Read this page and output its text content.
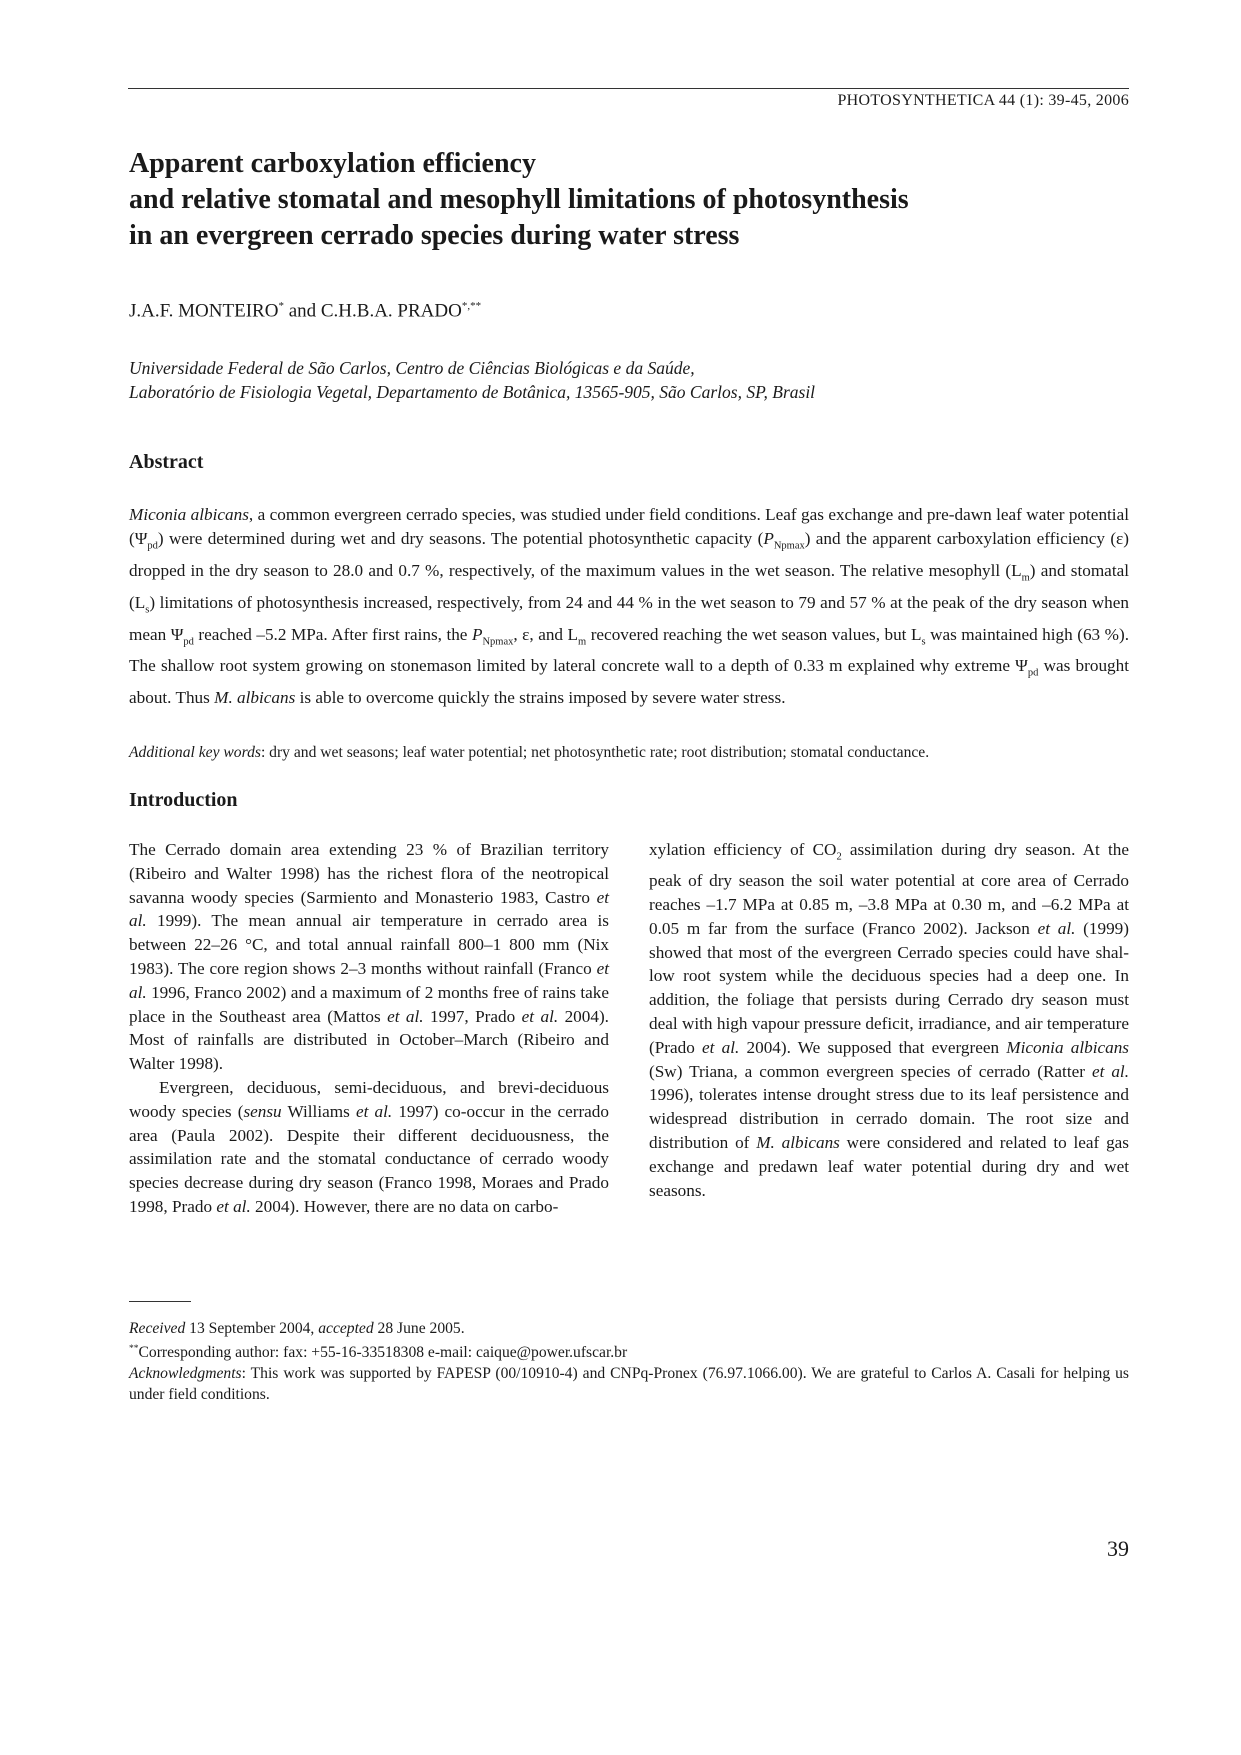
PHOTOSYNTHETICA 44 (1): 39-45, 2006
Apparent carboxylation efficiency
and relative stomatal and mesophyll limitations of photosynthesis
in an evergreen cerrado species during water stress
J.A.F. MONTEIRO* and C.H.B.A. PRADO*,**
Universidade Federal de São Carlos, Centro de Ciências Biológicas e da Saúde,
Laboratório de Fisiologia Vegetal, Departamento de Botânica, 13565-905, São Carlos, SP, Brasil
Abstract

Miconia albicans, a common evergreen cerrado species, was studied under field conditions. Leaf gas exchange and pre-dawn leaf water potential $(\Psi_{pd})$ were determined during wet and dry seasons. The potential photosynthetic capacity $(P_{Npmax})$ and the apparent carboxylation efficiency (ε) dropped in the dry season to 28.0 and 0.7 %, respectively, of the maximum values in the wet season. The relative mesophyll $(L_m)$ and stomatal $(L_s)$ limitations of photosynthesis increased, respectively, from 24 and 44 % in the wet season to 79 and 57 % at the peak of the dry season when mean $\Psi_{pd}$ reached –5.2 MPa. After first rains, the $P_{Npmax}$, ε, and $L_m$ recovered reaching the wet season values, but $L_s$ was maintained high (63 %). The shallow root system growing on stonemason limited by lateral concrete wall to a depth of 0.33 m explained why extreme $\Psi_{pd}$ was brought about. Thus M. albicans is able to overcome quickly the strains imposed by severe water stress.

Additional key words: dry and wet seasons; leaf water potential; net photosynthetic rate; root distribution; stomatal conductance.
Introduction

The Cerrado domain area extending 23 % of Brazilian territory (Ribeiro and Walter 1998) has the richest flora of the neotropical savanna woody species (Sarmiento and Monasterio 1983, Castro et al. 1999). The mean annual air temperature in cerrado area is between 22–26 °C, and total annual rainfall 800–1 800 mm (Nix 1983). The core region shows 2–3 months without rainfall (Franco et al. 1996, Franco 2002) and a maximum of 2 months free of rains take place in the Southeast area (Mattos et al. 1997, Prado et al. 2004). Most of rainfalls are distributed in October–March (Ribeiro and Walter 1998).

Evergreen, deciduous, semi-deciduous, and brevi-deciduous woody species (sensu Williams et al. 1997) co-occur in the cerrado area (Paula 2002). Despite their different deciduousness, the assimilation rate and the stomatal conductance of cerrado woody species decrease during dry season (Franco 1998, Moraes and Prado 1998, Prado et al. 2004). However, there are no data on carbo-

xylation efficiency of $CO_2$ assimilation during dry season. At the peak of dry season the soil water potential at core area of Cerrado reaches –1.7 MPa at 0.85 m, –3.8 MPa at 0.30 m, and –6.2 MPa at 0.05 m far from the surface (Franco 2002). Jackson et al. (1999) showed that most of the evergreen Cerrado species could have shal-low root system while the deciduous species had a deep one. In addition, the foliage that persists during Cerrado dry season must deal with high vapour pressure deficit, irradiance, and air temperature (Prado et al. 2004). We supposed that evergreen Miconia albicans (Sw) Triana, a common evergreen species of cerrado (Ratter et al. 1996), tolerates intense drought stress due to its leaf persistence and widespread distribution in cerrado domain. The root size and distribution of M. albicans were considered and related to leaf gas exchange and predawn leaf water potential during dry and wet seasons.

Received 13 September 2004, accepted 28 June 2005.
**Corresponding author: fax: +55-16-33518308 e-mail: caique@power.ufscar.br
Acknowledgments: This work was supported by FAPESP (00/10910-4) and CNPq-Pronex (76.97.1066.00). We are grateful to Carlos A. Casali for helping us under field conditions.
39
